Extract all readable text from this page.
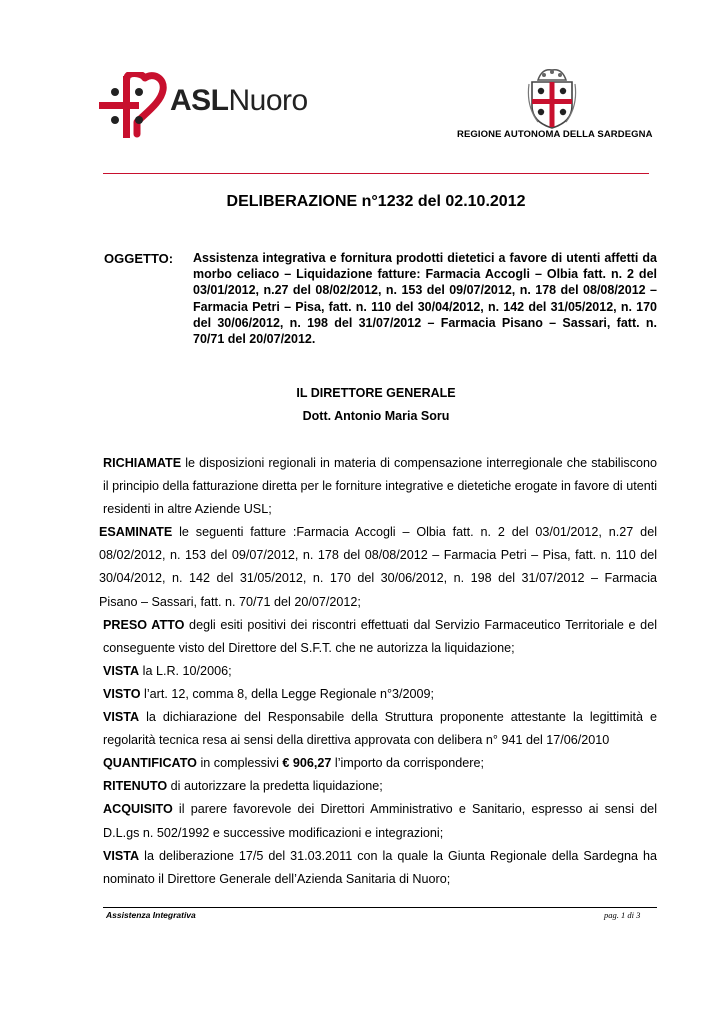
ASLNuoro
REGIONE AUTONOMA DELLA SARDEGNA
DELIBERAZIONE n°1232 del 02.10.2012
OGGETTO: Assistenza integrativa e fornitura prodotti dietetici a favore di utenti affetti da morbo celiaco – Liquidazione fatture: Farmacia Accogli – Olbia fatt. n. 2 del 03/01/2012, n.27 del 08/02/2012, n. 153 del 09/07/2012, n. 178 del 08/08/2012 – Farmacia Petri – Pisa, fatt. n. 110 del 30/04/2012, n. 142 del 31/05/2012, n. 170 del 30/06/2012, n. 198 del 31/07/2012 – Farmacia Pisano – Sassari, fatt. n. 70/71 del 20/07/2012.
IL DIRETTORE GENERALE
Dott. Antonio Maria Soru

RICHIAMATE le disposizioni regionali in materia di compensazione interregionale che stabiliscono il principio della fatturazione diretta per le forniture integrative e dietetiche erogate in favore di utenti residenti in altre Aziende USL;

ESAMINATE le seguenti fatture :Farmacia Accogli – Olbia fatt. n. 2 del 03/01/2012, n.27 del 08/02/2012, n. 153 del 09/07/2012, n. 178 del 08/08/2012 – Farmacia Petri – Pisa, fatt. n. 110 del 30/04/2012, n. 142 del 31/05/2012, n. 170 del 30/06/2012, n. 198 del 31/07/2012 – Farmacia Pisano – Sassari, fatt. n. 70/71 del 20/07/2012;

PRESO ATTO degli esiti positivi dei riscontri effettuati dal Servizio Farmaceutico Territoriale e del conseguente visto del Direttore del S.F.T. che ne autorizza la liquidazione;

VISTA la L.R. 10/2006;

VISTO l’art. 12, comma 8, della Legge Regionale n°3/2009;

VISTA la dichiarazione del Responsabile della Struttura proponente attestante la legittimità e regolarità tecnica resa ai sensi della direttiva approvata con delibera n° 941 del 17/06/2010

QUANTIFICATO in complessivi € 906,27 l’importo da corrispondere;

RITENUTO di autorizzare la predetta liquidazione;

ACQUISITO il parere favorevole dei Direttori Amministrativo e Sanitario, espresso ai sensi del D.L.gs n. 502/1992 e successive modificazioni e integrazioni;

VISTA la deliberazione 17/5 del 31.03.2011 con la quale la Giunta Regionale della Sardegna ha nominato il Direttore Generale dell’Azienda Sanitaria di Nuoro;

Assistenza Integrativa	pag. 1 di 3
